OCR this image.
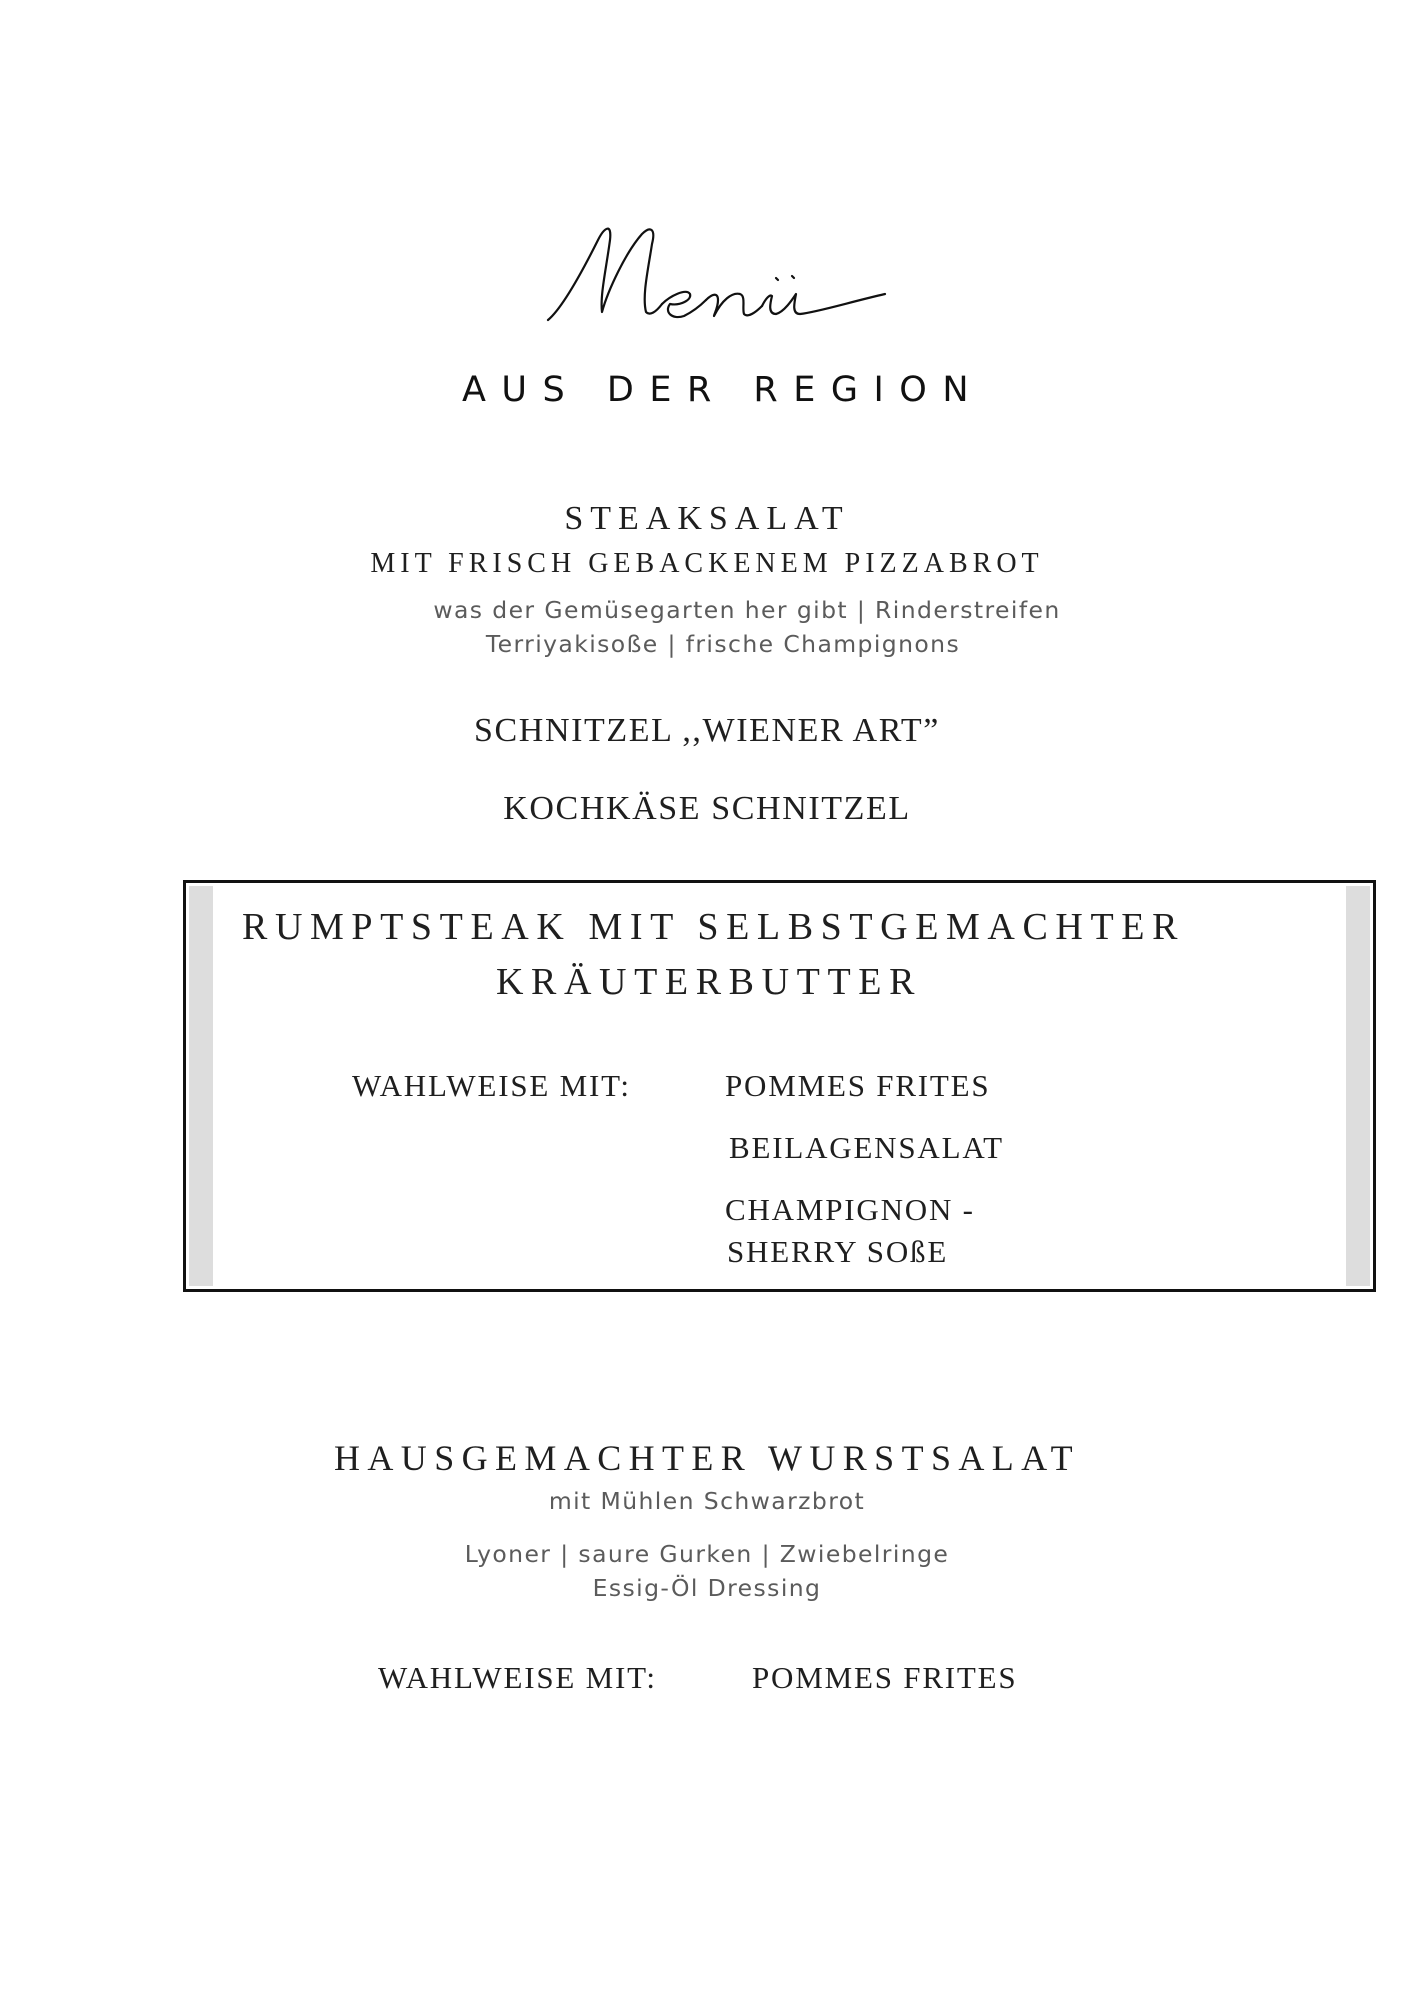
AUS DER REGION
STEAKSALAT
MIT FRISCH GEBACKENEM PIZZABROT
was der Gemüsegarten her gibt | Rinderstreifen
Terriyakisoße | frische Champignons
SCHNITZEL ,,WIENER ART”
KOCHKÄSE SCHNITZEL
RUMPTSTEAK MIT SELBSTGEMACHTER
KRÄUTERBUTTER
WAHLWEISE MIT:	POMMES FRITES
BEILAGENSALAT
CHAMPIGNON -
SHERRY SOßE
HAUSGEMACHTER WURSTSALAT
mit Mühlen Schwarzbrot
Lyoner | saure Gurken | Zwiebelringe
Essig-Öl Dressing
WAHLWEISE MIT:	POMMES FRITES
